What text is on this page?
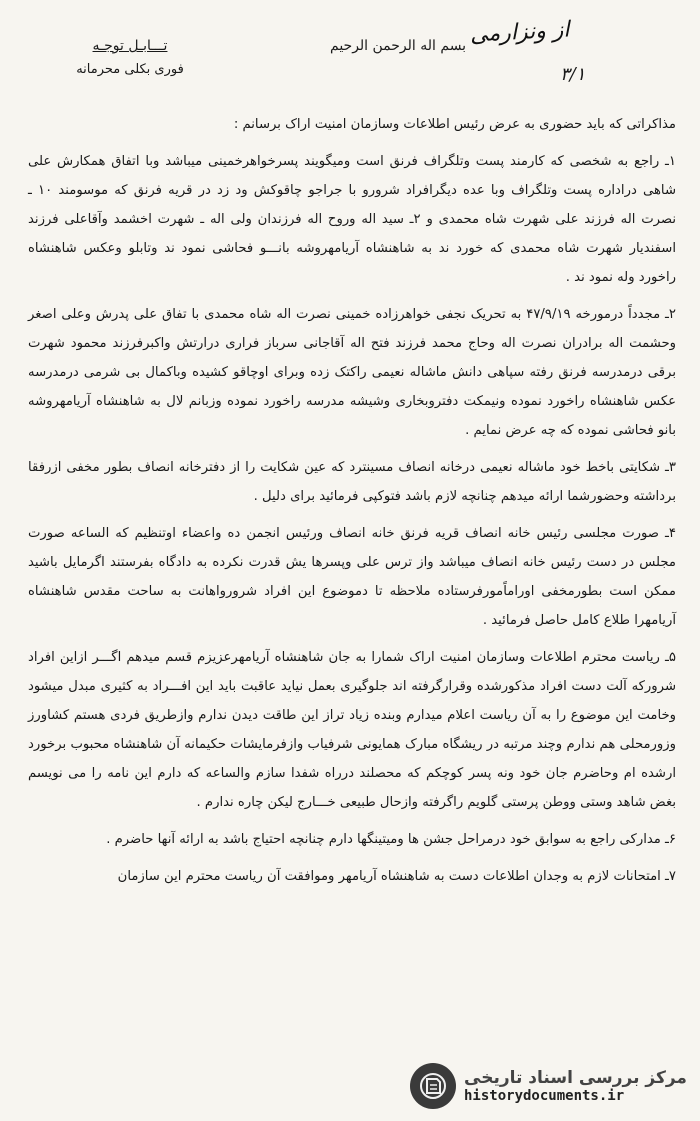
تـــابـل توجـه
فوری بکلی محرمانه
بسم اله الرحمن الرحیم از ونزارمی
۳/۱

مذاکراتی که باید حضوری به عرض رئیس اطلاعات وسازمان امنیت اراک برسانم :

۱ـ راجع به شخصی که کارمند پست وتلگراف فرنق است ومیگویند پسرخواهرخمینی میباشد وبا اتفاق همکارش علی شاهی دراداره پست وتلگراف وبا عده دیگرافراد شرورو با جراجو چاقوکش ود زد در قریه فرنق که موسومند ۱۰ ـ نصرت اله فرزند علی شهرت شاه محمدی و ۲ـ سید اله وروح اله فرزندان ولی اله ـ شهرت اخشمد وآقاعلی فرزند اسفندیار شهرت شاه محمدی که خورد ند به شاهنشاه آریامهروشه بانـــو فحاشی نمود ند وتابلو وعکس شاهنشاه راخورد وله نمود ند .

۲ـ مجدداً درمورخه ۴۷/۹/۱۹ به تحریک نجفی خواهرزاده خمینی نصرت اله شاه محمدی با تفاق علی پدرش وعلی اصغر وحشمت اله برادران نصرت اله وحاج محمد فرزند فتح اله آقاجانی سرباز فراری درارتش واکبرفرزند محمود شهرت برقی درمدرسه فرنق رفته سپاهی دانش ماشاله نعیمی راکتک زده وبرای اوچاقو کشیده وباکمال بی شرمی درمدرسه عکس شاهنشاه راخورد نموده ونیمکت دفتروبخاری وشیشه مدرسه راخورد نموده وزبانم لال به شاهنشاه آریامهروشه بانو فحاشی نموده که چه عرض نمایم .

۳ـ شکایتی باخط خود ماشاله نعیمی درخانه انصاف مسینترد که عین شکایت را از دفترخانه انصاف بطور مخفی ازرفقا برداشته وحضورشما ارائه میدهم چنانچه لازم باشد فتوکپی فرمائید برای دلیل .

۴ـ صورت مجلسی رئیس خانه انصاف قریه فرنق خانه انصاف ورئیس انجمن ده واعضاء اوتنظیم که الساعه صورت مجلس در دست رئیس خانه انصاف میباشد واز ترس علی وپسرها یش قدرت نکرده به دادگاه بفرستند اگرمایل باشید ممکن است بطورمخفی اوراماًمورفرستاده ملاحظه تا دموضوع این افراد شرورواهانت به ساحت مقدس شاهنشاه آریامهرا طلاع کامل حاصل فرمائید .

۵ـ ریاست محترم اطلاعات وسازمان امنیت اراک شمارا به جان شاهنشاه آریامهرعزیزم قسم میدهم اگـــر ازاین افراد شرورکه آلت دست افراد مذکورشده وقرارگرفته اند جلوگیری بعمل نیاید عاقبت باید این افـــراد به کثیری مبدل میشود وخامت این موضوع را به آن ریاست اعلام میدارم وبنده زیاد تراز این طاقت دیدن ندارم وازطریق فردی هستم کشاورز وزورمحلی هم ندارم وچند مرتبه در ریشگاه مبارک همایونی شرفیاب وازفرمایشات حکیمانه آن شاهنشاه محبوب برخورد ارشده ام وحاضرم جان خود ونه پسر کوچکم که محصلند درراه شفدا سازم والساعه که دارم این نامه را می نویسم بغض شاهد وستی ووطن پرستی گلویم راگرفته وازحال طبیعی خـــارج لیکن چاره ندارم .

۶ـ مدارکی راجع به سوابق خود درمراحل جشن ها ومیتینگها دارم چنانچه احتیاج باشد به ارائه آنها حاضرم .

۷ـ امتحانات لازم به وجدان اطلاعات دست به شاهنشاه آریامهر وموافقت آن ریاست محترم این سازمان

مرکز بررسی اسناد تاریخی
historydocuments.ir
